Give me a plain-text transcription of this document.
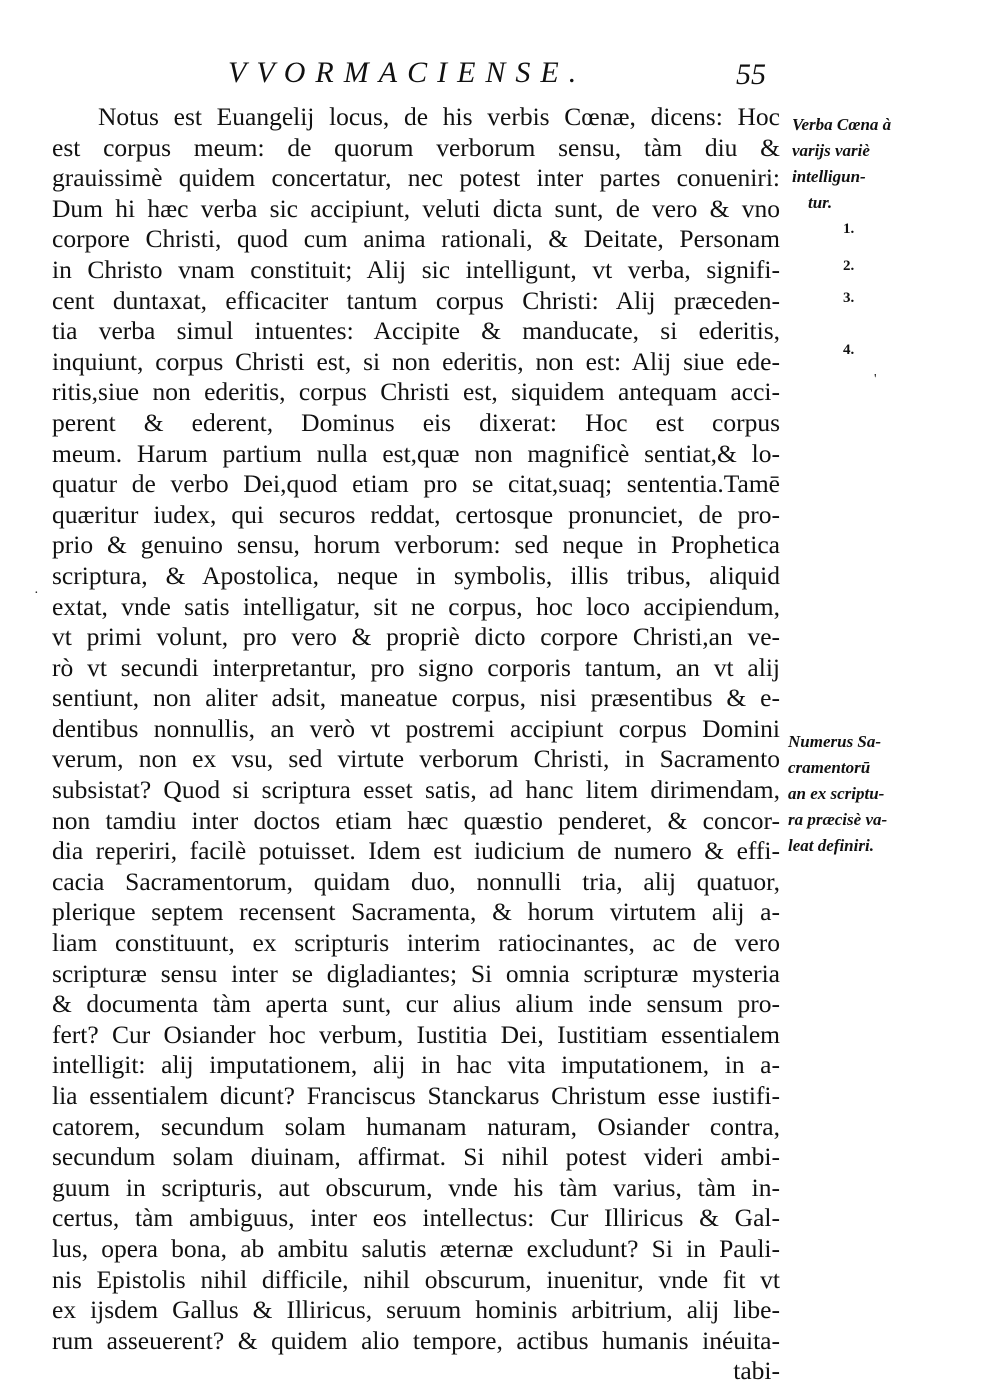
VVORMACIENSE.	55
Notus est Euangelij locus, de his verbis Cœnæ, dicens: Hoc
est corpus meum: de quorum verborum sensu, tàm diu &
grauissimè quidem concertatur, nec potest inter partes conueniri:
Dum hi hæc verba sic accipiunt, veluti dicta sunt, de vero & vno
corpore Christi, quod cum anima rationali, & Deitate, Personam
in Christo vnam constituit; Alij sic intelligunt, vt verba, signifi-
cent duntaxat, efficaciter tantum corpus Christi: Alij præceden-
tia verba simul intuentes: Accipite & manducate, si ederitis,
inquiunt, corpus Christi est, si non ederitis, non est: Alij siue ede-
ritis,siue non ederitis, corpus Christi est, siquidem antequam acci-
perent & ederent, Dominus eis dixerat: Hoc est corpus
meum. Harum partium nulla est,quæ non magnificè sentiat,& lo-
quatur de verbo Dei,quod etiam pro se citat,suaq; sententia.Tamē
quæritur iudex, qui securos reddat, certosque pronunciet, de pro-
prio & genuino sensu, horum verborum: sed neque in Prophetica
scriptura, & Apostolica, neque in symbolis, illis tribus, aliquid
extat, vnde satis intelligatur, sit ne corpus, hoc loco accipiendum,
vt primi volunt, pro vero & propriè dicto corpore Christi,an ve-
rò vt secundi interpretantur, pro signo corporis tantum, an vt alij
sentiunt, non aliter adsit, maneatue corpus, nisi præsentibus & e-
dentibus nonnullis, an verò vt postremi accipiunt corpus Domini
verum, non ex vsu, sed virtute verborum Christi, in Sacramento
subsistat? Quod si scriptura esset satis, ad hanc litem dirimendam,
non tamdiu inter doctos etiam hæc quæstio penderet, & concor-
dia reperiri, facilè potuisset. Idem est iudicium de numero & effi-
cacia Sacramentorum, quidam duo, nonnulli tria, alij quatuor,
plerique septem recensent Sacramenta, & horum virtutem alij a-
liam constituunt, ex scripturis interim ratiocinantes, ac de vero
scripturæ sensu inter se digladiantes; Si omnia scripturæ mysteria
& documenta tàm aperta sunt, cur alius alium inde sensum pro-
fert? Cur Osiander hoc verbum, Iustitia Dei, Iustitiam essentialem
intelligit: alij imputationem, alij in hac vita imputationem, in a-
lia essentialem dicunt? Franciscus Stanckarus Christum esse iustifi-
catorem, secundum solam humanam naturam, Osiander contra,
secundum solam diuinam, affirmat. Si nihil potest videri ambi-
guum in scripturis, aut obscurum, vnde his tàm varius, tàm in-
certus, tàm ambiguus, inter eos intellectus: Cur Illiricus & Gal-
lus, opera bona, ab ambitu salutis æternæ excludunt? Si in Pauli-
nis Epistolis nihil difficile, nihil obscurum, inuenitur, vnde fit vt
ex ijsdem Gallus & Illiricus, seruum hominis arbitrium, alij libe-
rum asseuerent? & quidem alio tempore, actibus humanis inéuita-
tabi-
Verba Cœna à
varijs variè
intelligun-
tur.
1.
2.
3.
4.
Numerus Sa-
cramentorū
an ex scriptu-
ra præcisè va-
leat definiri.
'
·
